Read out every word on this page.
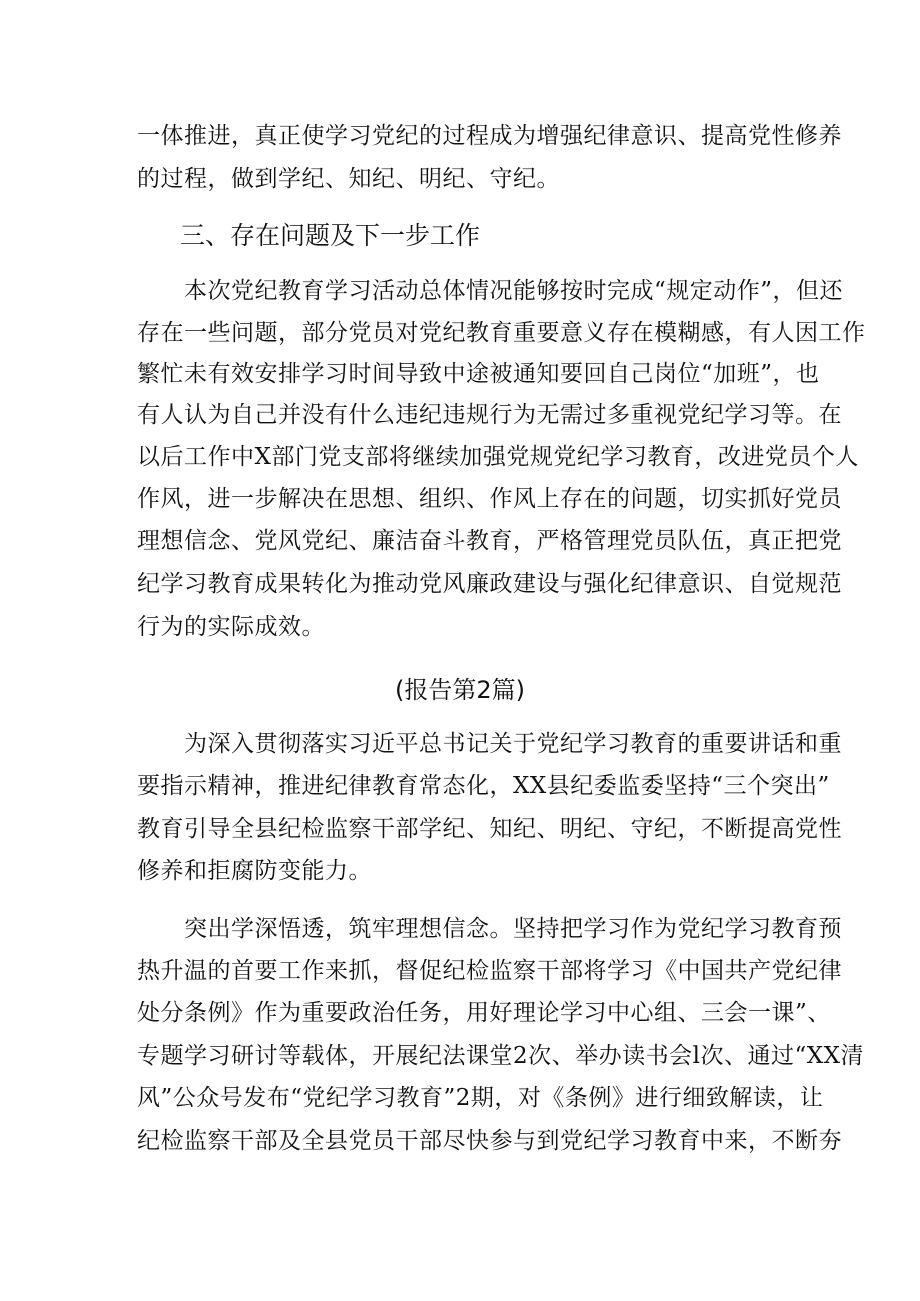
一体推进，真正使学习党纪的过程成为增强纪律意识、提高党性修养
的过程，做到学纪、知纪、明纪、守纪。
三、存在问题及下一步工作
　　本次党纪教育学习活动总体情况能够按时完成“规定动作”，但还
存在一些问题，部分党员对党纪教育重要意义存在模糊感，有人因工作
繁忙未有效安排学习时间导致中途被通知要回自己岗位“加班”，也
有人认为自己并没有什么违纪违规行为无需过多重视党纪学习等。在
以后工作中X部门党支部将继续加强党规党纪学习教育，改进党员个人
作风，进一步解决在思想、组织、作风上存在的问题，切实抓好党员
理想信念、党风党纪、廉洁奋斗教育，严格管理党员队伍，真正把党
纪学习教育成果转化为推动党风廉政建设与强化纪律意识、自觉规范
行为的实际成效。
(报告第2篇)
　　为深入贯彻落实习近平总书记关于党纪学习教育的重要讲话和重
要指示精神，推进纪律教育常态化，XX县纪委监委坚持“三个突出”
教育引导全县纪检监察干部学纪、知纪、明纪、守纪，不断提高党性
修养和拒腐防变能力。
　　突出学深悟透，筑牢理想信念。坚持把学习作为党纪学习教育预
热升温的首要工作来抓，督促纪检监察干部将学习《中国共产党纪律
处分条例》作为重要政治任务，用好理论学习中心组、三会一课”、
专题学习研讨等载体，开展纪法课堂2次、举办读书会l次、通过“XX清
风”公众号发布“党纪学习教育”2期，对《条例》进行细致解读，让
纪检监察干部及全县党员干部尽快参与到党纪学习教育中来，不断夯
